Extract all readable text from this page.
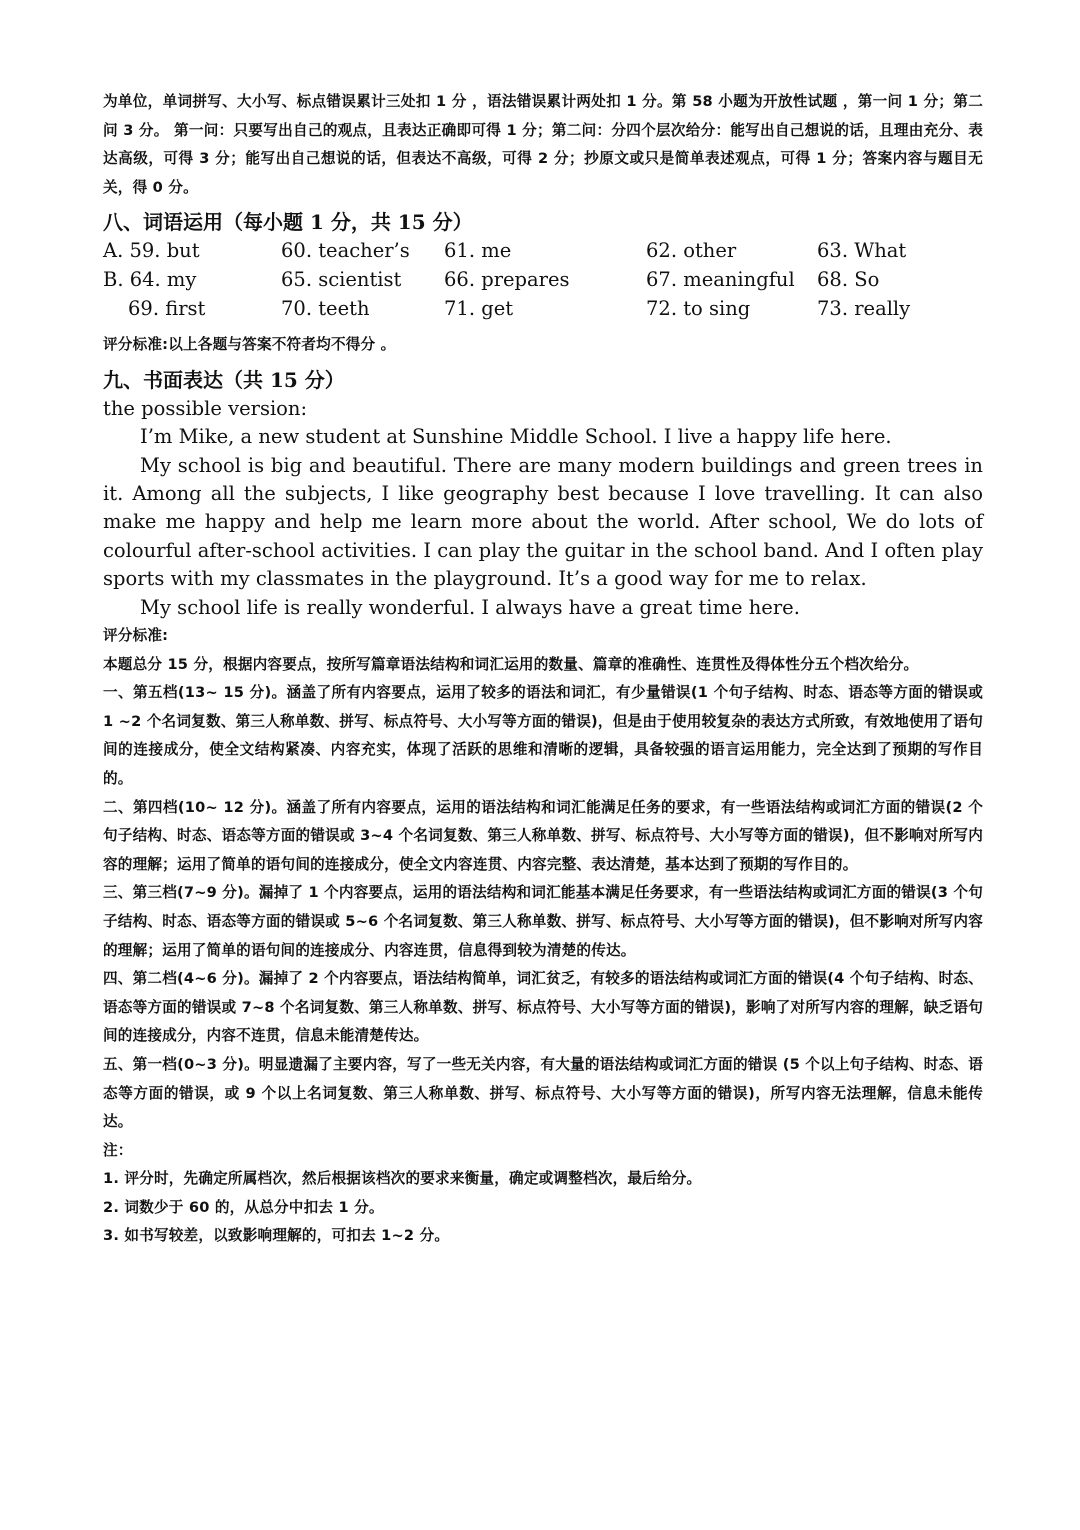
为单位，单词拼写、大小写、标点错误累计三处扣 1 分 ，语法错误累计两处扣 1 分。第 58 小题为开放性试题 ，第一问 1 分；第二问 3 分。 第一问：只要写出自己的观点，且表达正确即可得 1 分；第二问：分四个层次给分：能写出自己想说的话，且理由充分、表达高级，可得 3 分；能写出自己想说的话，但表达不高级，可得 2 分；抄原文或只是简单表述观点，可得 1 分；答案内容与题目无关，得 0 分。

八、词语运用（每小题 1 分，共 15 分）
A. 59. but	60. teacher’s	61. me	62. other	63. What
B. 64. my	65. scientist	66. prepares	67. meaningful	68. So
69. first	70. teeth	71. get	72. to sing	73. really

评分标准:以上各题与答案不符者均不得分 。

九、书面表达（共 15 分）

the possible version:

I’m Mike, a new student at Sunshine Middle School. I live a happy life here.

My school is big and beautiful. There are many modern buildings and green trees in it. Among all the subjects, I like geography best because I love travelling. It can also make me happy and help me learn more about the world. After school, We do lots of colourful after-school activities. I can play the guitar in the school band. And I often play sports with my classmates in the playground. It’s a good way for me to relax.

My school life is really wonderful. I always have a great time here.

评分标准:

本题总分 15 分，根据内容要点，按所写篇章语法结构和词汇运用的数量、篇章的准确性、连贯性及得体性分五个档次给分。

一、第五档(13~ 15 分)。涵盖了所有内容要点，运用了较多的语法和词汇，有少量错误(1 个句子结构、时态、语态等方面的错误或 1 ~2 个名词复数、第三人称单数、拼写、标点符号、大小写等方面的错误)，但是由于使用较复杂的表达方式所致，有效地使用了语句间的连接成分，使全文结构紧凑、内容充实，体现了活跃的思维和清晰的逻辑，具备较强的语言运用能力，完全达到了预期的写作目的。

二、第四档(10~ 12 分)。涵盖了所有内容要点，运用的语法结构和词汇能满足任务的要求，有一些语法结构或词汇方面的错误(2 个句子结构、时态、语态等方面的错误或 3~4 个名词复数、第三人称单数、拼写、标点符号、大小写等方面的错误)，但不影响对所写内容的理解；运用了简单的语句间的连接成分，使全文内容连贯、内容完整、表达清楚，基本达到了预期的写作目的。

三、第三档(7~9 分)。漏掉了 1 个内容要点，运用的语法结构和词汇能基本满足任务要求，有一些语法结构或词汇方面的错误(3 个句子结构、时态、语态等方面的错误或 5~6 个名词复数、第三人称单数、拼写、标点符号、大小写等方面的错误)，但不影响对所写内容的理解；运用了简单的语句间的连接成分、内容连贯，信息得到较为清楚的传达。

四、第二档(4~6 分)。漏掉了 2 个内容要点，语法结构简单，词汇贫乏，有较多的语法结构或词汇方面的错误(4 个句子结构、时态、语态等方面的错误或 7~8 个名词复数、第三人称单数、拼写、标点符号、大小写等方面的错误)，影响了对所写内容的理解，缺乏语句间的连接成分，内容不连贯，信息未能清楚传达。

五、第一档(0~3 分)。明显遗漏了主要内容，写了一些无关内容，有大量的语法结构或词汇方面的错误 (5 个以上句子结构、时态、语态等方面的错误，或 9 个以上名词复数、第三人称单数、拼写、标点符号、大小写等方面的错误)，所写内容无法理解，信息未能传达。

注：

1. 评分时，先确定所属档次，然后根据该档次的要求来衡量，确定或调整档次，最后给分。

2. 词数少于 60 的，从总分中扣去 1 分。

3. 如书写较差，以致影响理解的，可扣去 1~2 分。
